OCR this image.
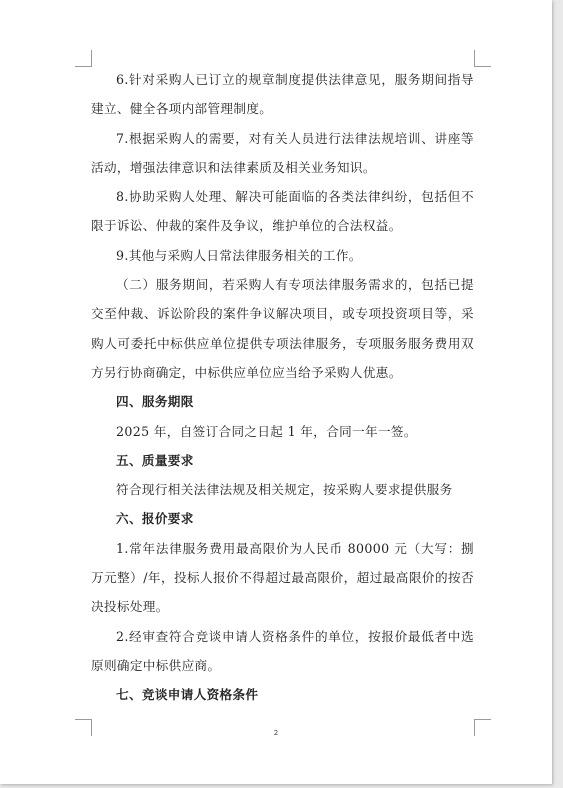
6.针对采购人已订立的规章制度提供法律意见，服务期间指导建立、健全各项内部管理制度。

7.根据采购人的需要，对有关人员进行法律法规培训、讲座等活动，增强法律意识和法律素质及相关业务知识。

8.协助采购人处理、解决可能面临的各类法律纠纷，包括但不限于诉讼、仲裁的案件及争议，维护单位的合法权益。

9.其他与采购人日常法律服务相关的工作。

（二）服务期间，若采购人有专项法律服务需求的，包括已提交至仲裁、诉讼阶段的案件争议解决项目，或专项投资项目等，采购人可委托中标供应单位提供专项法律服务，专项服务服务费用双方另行协商确定，中标供应单位应当给予采购人优惠。

四、服务期限

2025 年，自签订合同之日起 1 年，合同一年一签。

五、质量要求

符合现行相关法律法规及相关规定，按采购人要求提供服务

六、报价要求

1.常年法律服务费用最高限价为人民币 80000 元（大写：捌万元整）/年，投标人报价不得超过最高限价，超过最高限价的按否决投标处理。

2.经审查符合竞谈申请人资格条件的单位，按报价最低者中选原则确定中标供应商。

七、竞谈申请人资格条件

2
